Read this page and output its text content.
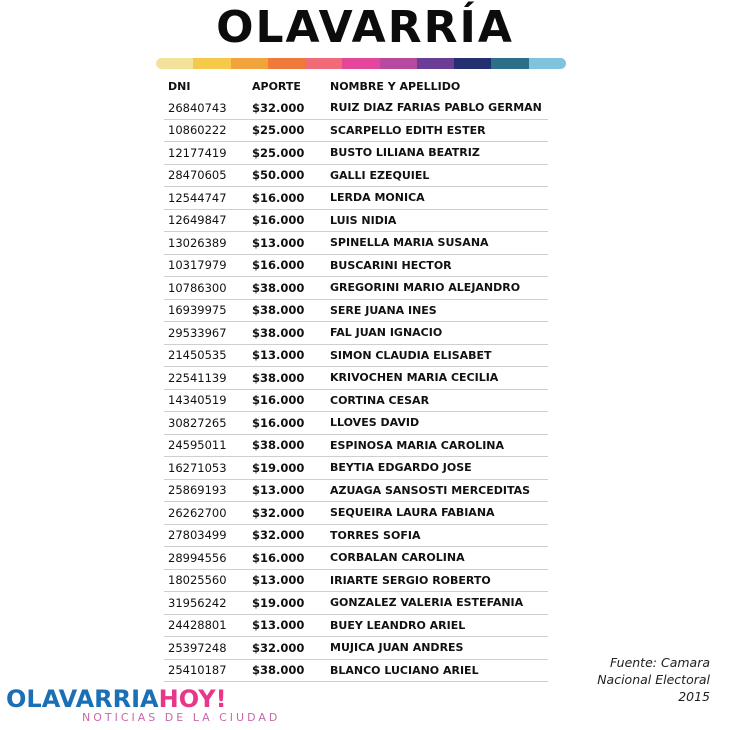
OLAVARRÍA
DNI	APORTE	NOMBRE Y APELLIDO
26840743	$32.000	RUIZ DIAZ FARIAS PABLO GERMAN
10860222	$25.000	SCARPELLO EDITH ESTER
12177419	$25.000	BUSTO LILIANA BEATRIZ
28470605	$50.000	GALLI EZEQUIEL
12544747	$16.000	LERDA MONICA
12649847	$16.000	LUIS NIDIA
13026389	$13.000	SPINELLA MARIA SUSANA
10317979	$16.000	BUSCARINI HECTOR
10786300	$38.000	GREGORINI MARIO ALEJANDRO
16939975	$38.000	SERE JUANA INES
29533967	$38.000	FAL JUAN IGNACIO
21450535	$13.000	SIMON CLAUDIA ELISABET
22541139	$38.000	KRIVOCHEN MARIA CECILIA
14340519	$16.000	CORTINA CESAR
30827265	$16.000	LLOVES DAVID
24595011	$38.000	ESPINOSA MARIA CAROLINA
16271053	$19.000	BEYTIA EDGARDO JOSE
25869193	$13.000	AZUAGA SANSOSTI MERCEDITAS
26262700	$32.000	SEQUEIRA LAURA FABIANA
27803499	$32.000	TORRES SOFIA
28994556	$16.000	CORBALAN CAROLINA
18025560	$13.000	IRIARTE SERGIO ROBERTO
31956242	$19.000	GONZALEZ VALERIA ESTEFANIA
24428801	$13.000	BUEY LEANDRO ARIEL
25397248	$32.000	MUJICA JUAN ANDRES
25410187	$38.000	BLANCO LUCIANO ARIEL
Fuente: Camara
Nacional Electoral
2015
OLAVARRIAHOY!
NOTICIAS DE LA CIUDAD
